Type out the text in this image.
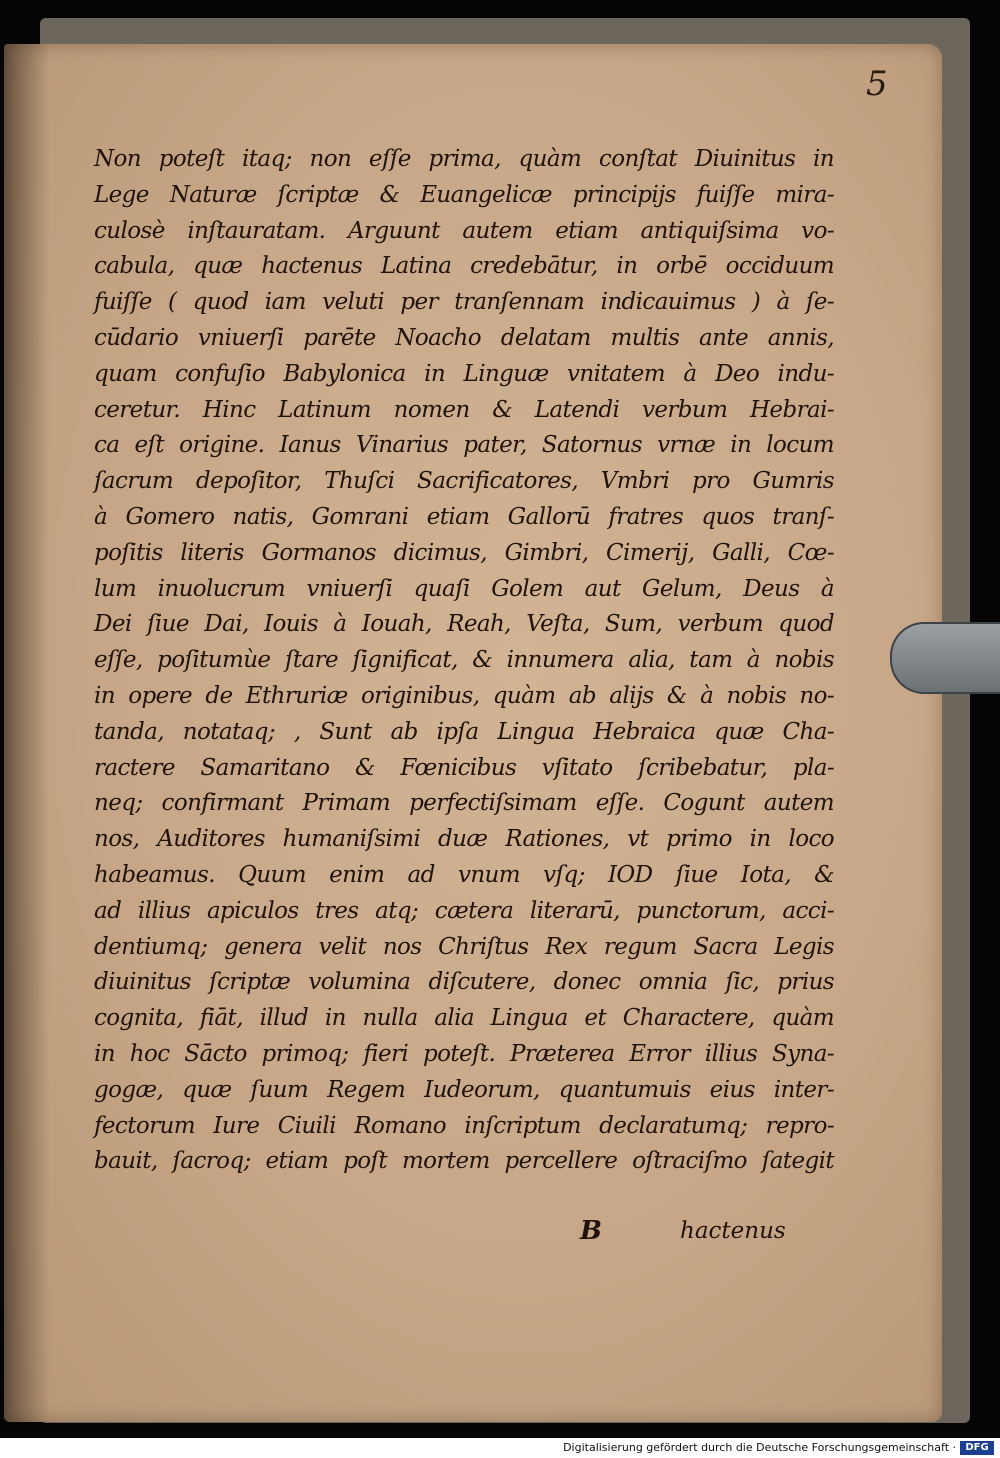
5
Non poteſt itaq; non eſſe prima, quàm conſtat Diuinitus in
Lege Naturæ ſcriptæ & Euangelicæ principijs fuiſſe mira-
culosè inſtauratam. Arguunt autem etiam antiquiſsima vo-
cabula, quæ hactenus Latina credebātur, in orbē occiduum
fuiſſe ( quod iam veluti per tranſennam indicauimus ) à ſe-
cūdario vniuerſi parēte Noacho delatam multis ante annis,
quam confuſio Babylonica in Linguæ vnitatem à Deo indu-
ceretur. Hinc Latinum nomen & Latendi verbum Hebrai-
ca eſt origine. Ianus Vinarius pater, Satornus vrnæ in locum
ſacrum depoſitor, Thuſci Sacrificatores, Vmbri pro Gumris
à Gomero natis, Gomrani etiam Gallorū fratres quos tranſ-
poſitis literis Gormanos dicimus, Gimbri, Cimerij, Galli, Cœ-
lum inuolucrum vniuerſi quaſi Golem aut Gelum, Deus à
Dei ſiue Dai, Iouis à Iouah, Reah, Veſta, Sum, verbum quod
eſſe, poſitumùe ſtare ſignificat, & innumera alia, tam à nobis
in opere de Ethruriæ originibus, quàm ab alijs & à nobis no-
tanda, notataq; , Sunt ab ipſa Lingua Hebraica quæ Cha-
ractere Samaritano & Fœnicibus vſitato ſcribebatur, pla-
neq; confirmant Primam perfectiſsimam eſſe. Cogunt autem
nos, Auditores humaniſsimi duæ Rationes, vt primo in loco
habeamus. Quum enim ad vnum vſq; IOD ſiue Iota, &
ad illius apiculos tres atq; cætera literarū, punctorum, acci-
dentiumq; genera velit nos Chriſtus Rex regum Sacra Legis
diuinitus ſcriptæ volumina diſcutere, donec omnia ſic, prius
cognita, fiāt, illud in nulla alia Lingua et Charactere, quàm
in hoc Sācto primoq; fieri poteſt. Præterea Error illius Syna-
gogæ, quæ ſuum Regem Iudeorum, quantumuis eius inter-
fectorum Iure Ciuili Romano inſcriptum declaratumq; repro-
bauit, ſacroq; etiam poſt mortem percellere oſtraciſmo ſategit
B	hactenus
Digitalisierung gefördert durch die Deutsche Forschungsgemeinschaft · DFG
